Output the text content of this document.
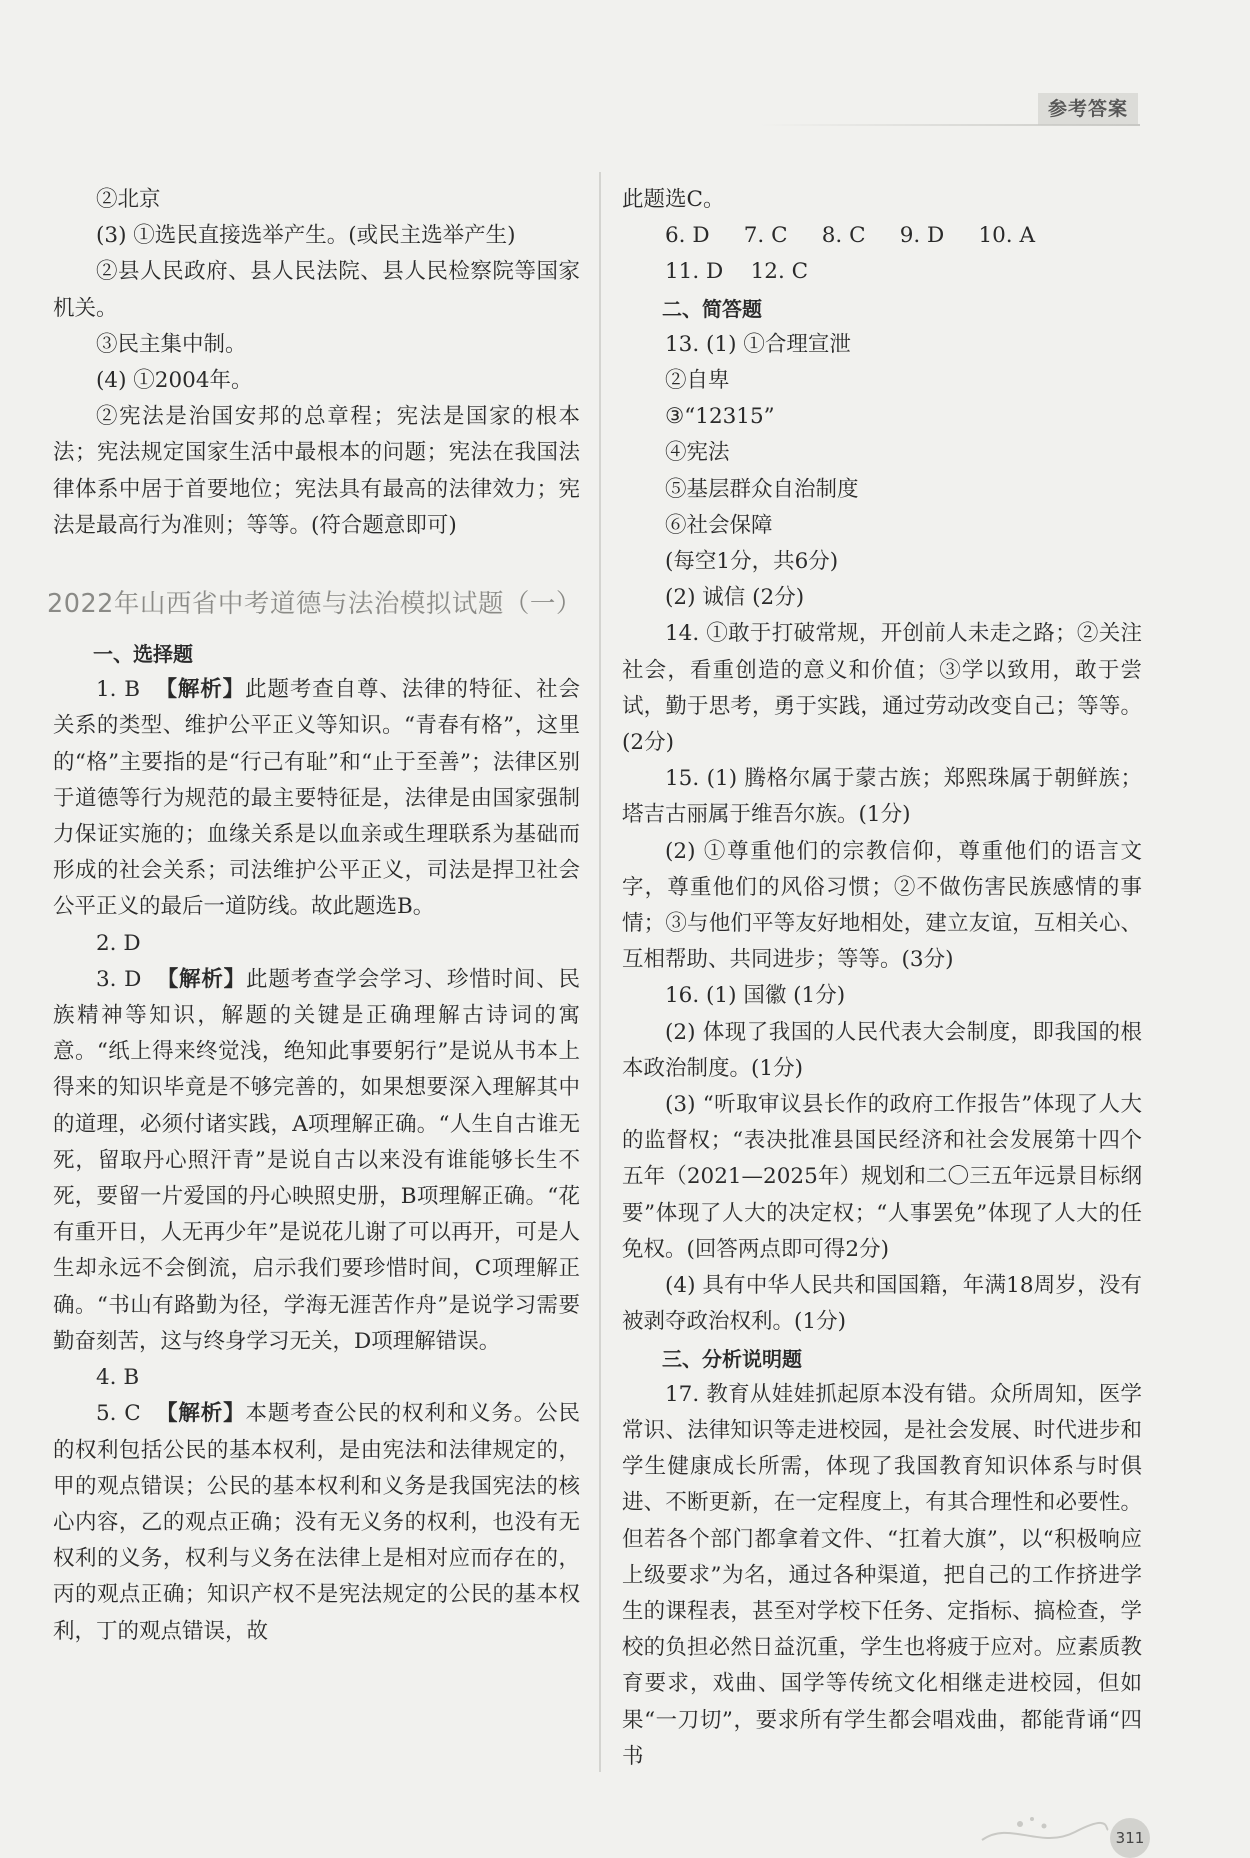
参考答案

②北京

(3) ①选民直接选举产生。(或民主选举产生)

②县人民政府、县人民法院、县人民检察院等国家机关。

③民主集中制。

(4) ①2004年。

②宪法是治国安邦的总章程；宪法是国家的根本法；宪法规定国家生活中最根本的问题；宪法在我国法律体系中居于首要地位；宪法具有最高的法律效力；宪法是最高行为准则；等等。(符合题意即可)

2022年山西省中考道德与法治模拟试题（一）

一、选择题

1. B 【解析】此题考查自尊、法律的特征、社会关系的类型、维护公平正义等知识。“青春有格”，这里的“格”主要指的是“行己有耻”和“止于至善”；法律区别于道德等行为规范的最主要特征是，法律是由国家强制力保证实施的；血缘关系是以血亲或生理联系为基础而形成的社会关系；司法维护公平正义，司法是捍卫社会公平正义的最后一道防线。故此题选B。

2. D

3. D 【解析】此题考查学会学习、珍惜时间、民族精神等知识，解题的关键是正确理解古诗词的寓意。“纸上得来终觉浅，绝知此事要躬行”是说从书本上得来的知识毕竟是不够完善的，如果想要深入理解其中的道理，必须付诸实践，A项理解正确。“人生自古谁无死，留取丹心照汗青”是说自古以来没有谁能够长生不死，要留一片爱国的丹心映照史册，B项理解正确。“花有重开日，人无再少年”是说花儿谢了可以再开，可是人生却永远不会倒流，启示我们要珍惜时间，C项理解正确。“书山有路勤为径，学海无涯苦作舟”是说学习需要勤奋刻苦，这与终身学习无关，D项理解错误。

4. B

5. C 【解析】本题考查公民的权利和义务。公民的权利包括公民的基本权利，是由宪法和法律规定的，甲的观点错误；公民的基本权利和义务是我国宪法的核心内容，乙的观点正确；没有无义务的权利，也没有无权利的义务，权利与义务在法律上是相对应而存在的，丙的观点正确；知识产权不是宪法规定的公民的基本权利，丁的观点错误，故

此题选C。

6. D     7. C     8. C     9. D     10. A

11. D    12. C

二、简答题

13. (1) ①合理宣泄

②自卑

③“12315”

④宪法

⑤基层群众自治制度

⑥社会保障

(每空1分，共6分)

(2) 诚信 (2分)

14. ①敢于打破常规，开创前人未走之路；②关注社会，看重创造的意义和价值；③学以致用，敢于尝试，勤于思考，勇于实践，通过劳动改变自己；等等。(2分)

15. (1) 腾格尔属于蒙古族；郑熙珠属于朝鲜族；塔吉古丽属于维吾尔族。(1分)

(2) ①尊重他们的宗教信仰，尊重他们的语言文字，尊重他们的风俗习惯；②不做伤害民族感情的事情；③与他们平等友好地相处，建立友谊，互相关心、互相帮助、共同进步；等等。(3分)

16. (1) 国徽 (1分)

(2) 体现了我国的人民代表大会制度，即我国的根本政治制度。(1分)

(3) “听取审议县长作的政府工作报告”体现了人大的监督权；“表决批准县国民经济和社会发展第十四个五年（2021—2025年）规划和二〇三五年远景目标纲要”体现了人大的决定权；“人事罢免”体现了人大的任免权。(回答两点即可得2分)

(4) 具有中华人民共和国国籍，年满18周岁，没有被剥夺政治权利。(1分)

三、分析说明题

17. 教育从娃娃抓起原本没有错。众所周知，医学常识、法律知识等走进校园，是社会发展、时代进步和学生健康成长所需，体现了我国教育知识体系与时俱进、不断更新，在一定程度上，有其合理性和必要性。但若各个部门都拿着文件、“扛着大旗”，以“积极响应上级要求”为名，通过各种渠道，把自己的工作挤进学生的课程表，甚至对学校下任务、定指标、搞检查，学校的负担必然日益沉重，学生也将疲于应对。应素质教育要求，戏曲、国学等传统文化相继走进校园，但如果“一刀切”，要求所有学生都会唱戏曲，都能背诵“四书

311
